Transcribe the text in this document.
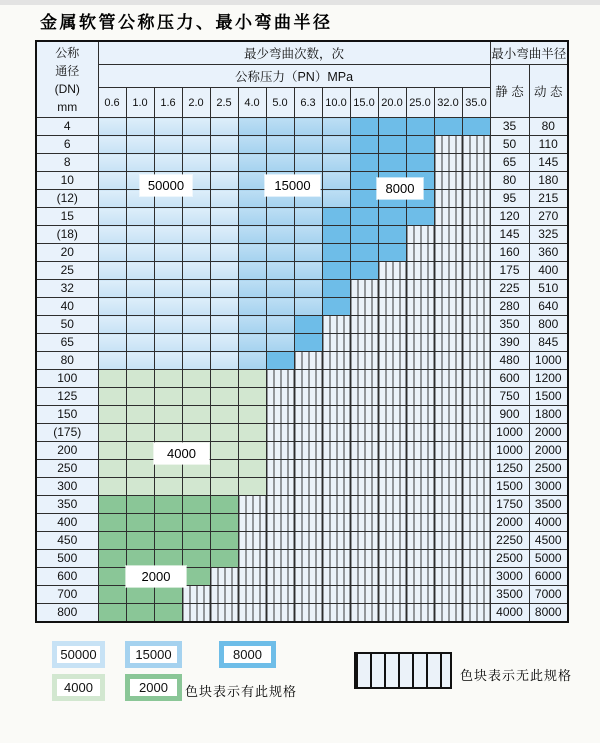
金属软管公称压力、最小弯曲半径
公称
通径
(DN)
mm	最少弯曲次数，次														最小弯曲半径	
	公称压力（PN）MPa														静 态	动 态
	0.6	1.0	1.6	2.0	2.5	4.0	5.0	6.3	10.0	15.0	20.0	25.0	32.0	35.0		
4															35	80
6															50	110
8															65	145
10															80	180
(12)															95	215
15															120	270
(18)															145	325
20															160	360
25															175	400
32															225	510
40															280	640
50															350	800
65															390	845
80															480	1000
100															600	1200
125															750	1500
150															900	1800
(175)															1000	2000
200															1000	2000
250															1250	2500
300															1500	3000
350															1750	3500
400															2000	4000
450															2250	4500
500															2500	5000
600															3000	6000
700															3500	7000
800															4000	8000
50000	15000	8000
4000
2000
色块表示有此规格
色块表示无此规格
50000	15000	8000
4000	2000
